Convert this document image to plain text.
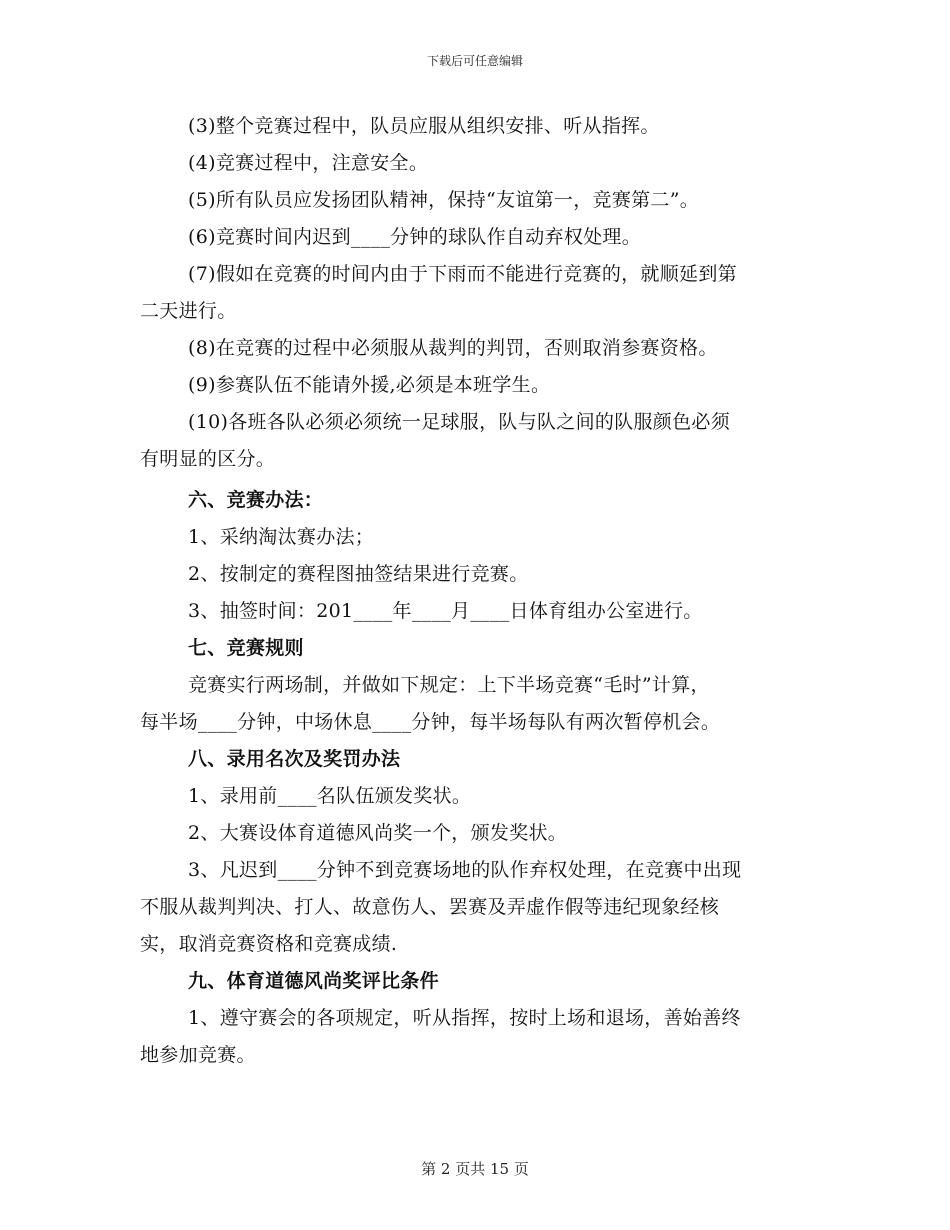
下载后可任意编辑
(3)整个竞赛过程中，队员应服从组织安排、听从指挥。
(4)竞赛过程中，注意安全。
(5)所有队员应发扬团队精神，保持“友谊第一，竞赛第二”。
(6)竞赛时间内迟到____分钟的球队作自动弃权处理。
(7)假如在竞赛的时间内由于下雨而不能进行竞赛的，就顺延到第
二天进行。
(8)在竞赛的过程中必须服从裁判的判罚，否则取消参赛资格。
(9)参赛队伍不能请外援,必须是本班学生。
(10)各班各队必须必须统一足球服，队与队之间的队服颜色必须
有明显的区分。
六、竞赛办法：
1、采纳淘汰赛办法；
2、按制定的赛程图抽签结果进行竞赛。
3、抽签时间：201____年____月____日体育组办公室进行。
七、竞赛规则
竞赛实行两场制，并做如下规定：上下半场竞赛“毛时”计算，
每半场____分钟，中场休息____分钟，每半场每队有两次暂停机会。
八、录用名次及奖罚办法
1、录用前____名队伍颁发奖状。
2、大赛设体育道德风尚奖一个，颁发奖状。
3、凡迟到____分钟不到竞赛场地的队作弃权处理，在竞赛中出现
不服从裁判判决、打人、故意伤人、罢赛及弄虚作假等违纪现象经核
实，取消竞赛资格和竞赛成绩.
九、体育道德风尚奖评比条件
1、遵守赛会的各项规定，听从指挥，按时上场和退场，善始善终
地参加竞赛。
第 2 页共 15 页
